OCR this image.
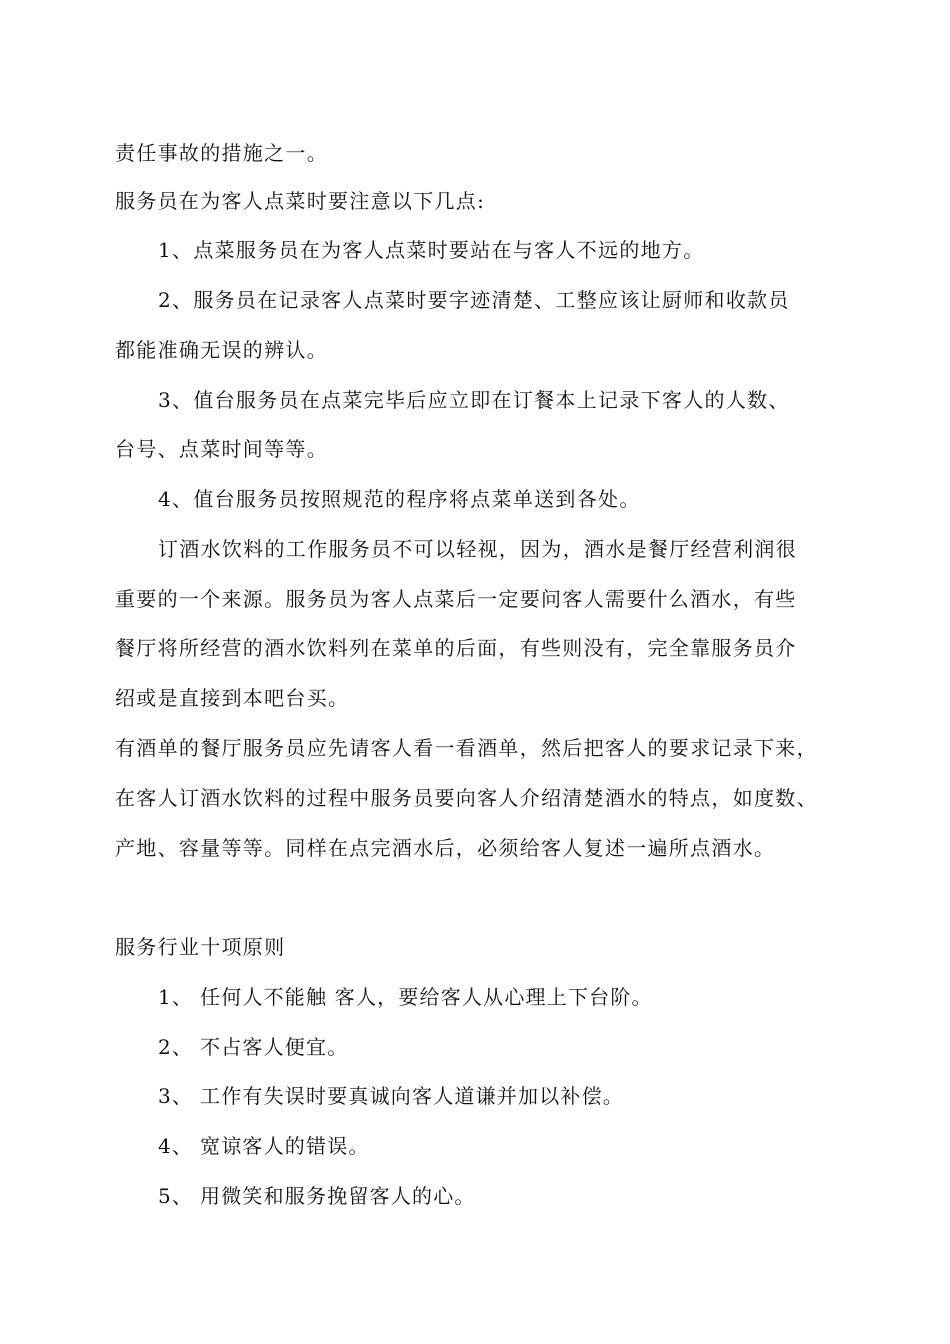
责任事故的措施之一。
服务员在为客人点菜时要注意以下几点:
1、点菜服务员在为客人点菜时要站在与客人不远的地方。
2、服务员在记录客人点菜时要字迹清楚、工整应该让厨师和收款员
都能准确无误的辨认。
3、值台服务员在点菜完毕后应立即在订餐本上记录下客人的人数、
台号、点菜时间等等。
4、值台服务员按照规范的程序将点菜单送到各处。
订酒水饮料的工作服务员不可以轻视，因为，酒水是餐厅经营利润很
重要的一个来源。服务员为客人点菜后一定要问客人需要什么酒水，有些
餐厅将所经营的酒水饮料列在菜单的后面，有些则没有，完全靠服务员介
绍或是直接到本吧台买。
有酒单的餐厅服务员应先请客人看一看酒单，然后把客人的要求记录下来，
在客人订酒水饮料的过程中服务员要向客人介绍清楚酒水的特点，如度数、
产地、容量等等。同样在点完酒水后，必须给客人复述一遍所点酒水。
服务行业十项原则
1、 任何人不能触 客人，要给客人从心理上下台阶。
2、 不占客人便宜。
3、 工作有失误时要真诚向客人道谦并加以补偿。
4、 宽谅客人的错误。
5、 用微笑和服务挽留客人的心。
